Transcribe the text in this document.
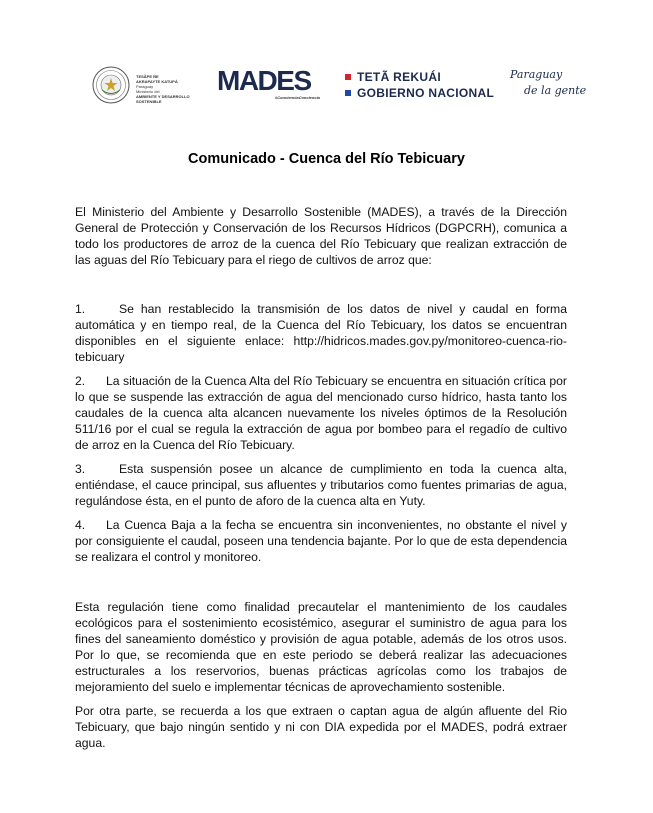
TESÃPE ÑE
AKRAPAYTE KATUPÁ
Paraguay
Ministerio del
AMBIENTE Y DESARROLLO
SOSTENIBLE
MADES
#ConcienciaConciencia
TETÃ REKUÁI
GOBIERNO NACIONAL
Paraguay
de la gente
Comunicado - Cuenca del Río Tebicuary

El Ministerio del Ambiente y Desarrollo Sostenible (MADES), a través de la Dirección General de Protección y Conservación de los Recursos Hídricos (DGPCRH), comunica a todo los productores de arroz de la cuenca del Río Tebicuary que realizan extracción de las aguas del Río Tebicuary para el riego de cultivos de arroz que:

1.	Se han restablecido la transmisión de los datos de nivel y caudal en forma automática y en tiempo real, de la Cuenca del Río Tebicuary, los datos se encuentran disponibles en el siguiente enlace: http://hidricos.mades.gov.py/monitoreo-cuenca-rio-tebicuary

2. La situación de la Cuenca Alta del Río Tebicuary se encuentra en situación crítica por lo que se suspende las extracción de agua del mencionado curso hídrico, hasta tanto los caudales de la cuenca alta alcancen nuevamente los niveles óptimos de la Resolución 511/16 por el cual se regula la extracción de agua por bombeo para el regadío de cultivo de arroz en la Cuenca del Río Tebicuary.

3.	Esta suspensión posee un alcance de cumplimiento en toda la cuenca alta, entiéndase, el cauce principal, sus afluentes y tributarios como fuentes primarias de agua, regulándose ésta, en el punto de aforo de la cuenca alta en Yuty.

4. La Cuenca Baja a la fecha se encuentra sin inconvenientes, no obstante el nivel y por consiguiente el caudal, poseen una tendencia bajante. Por lo que de esta dependencia se realizara el control y monitoreo.

Esta regulación tiene como finalidad precautelar el mantenimiento de los caudales ecológicos para el sostenimiento ecosistémico, asegurar el suministro de agua para los fines del saneamiento doméstico y provisión de agua potable, además de los otros usos. Por lo que, se recomienda que en este periodo se deberá realizar las adecuaciones estructurales a los reservorios, buenas prácticas agrícolas como los trabajos de mejoramiento del suelo e implementar técnicas de aprovechamiento sostenible.

Por otra parte, se recuerda a los que extraen o captan agua de algún afluente del Rio Tebicuary, que bajo ningún sentido y ni con DIA expedida por el MADES, podrá extraer agua.
